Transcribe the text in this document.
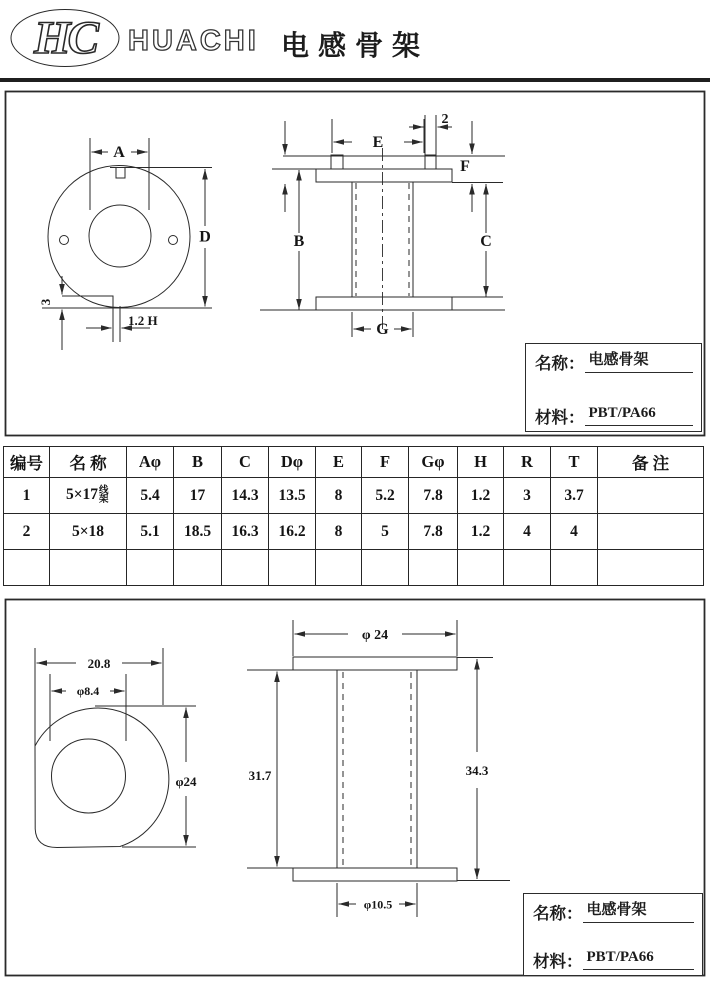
HC HUACHI 电感骨架
A
D
3
1.2 H
E
2
F
B	C
G
名称： 电感骨架
材料： PBT/PA66
编号	名 称	Aφ	B	C	Dφ	E	F	Gφ	H	R	T	备 注
1	5×17线架	5.4	17	14.3	13.5	8	5.2	7.8	1.2	3	3.7	
2	5×18	5.1	18.5	16.3	16.2	8	5	7.8	1.2	4	4	

20.8
φ8.4
φ24
φ 24
31.7	34.3
φ10.5	名称： 电感骨架
材料： PBT/PA66
